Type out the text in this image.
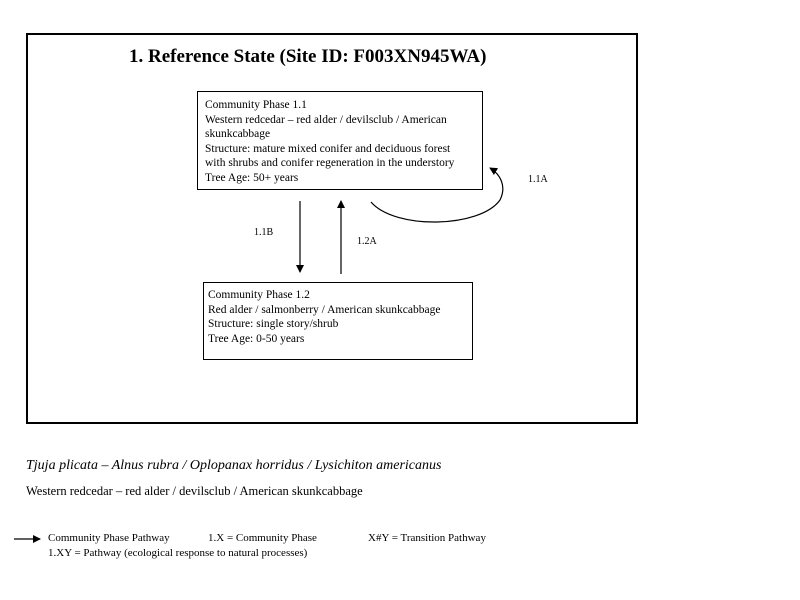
1. Reference State (Site ID: F003XN945WA)
Community Phase 1.1
Western redcedar – red alder / devilsclub / American
skunkcabbage
Structure: mature mixed conifer and deciduous forest
with shrubs and conifer regeneration in the understory
Tree Age: 50+ years
Community Phase 1.2
Red alder / salmonberry / American skunkcabbage
Structure: single story/shrub
Tree Age: 0-50 years
1.1A
1.1B
1.2A
Tjuja plicata – Alnus rubra / Oplopanax horridus / Lysichiton americanus
Western redcedar – red alder / devilsclub / American skunkcabbage
Community Phase Pathway	1.X = Community Phase	X#Y = Transition Pathway
1.XY = Pathway (ecological response to natural processes)
